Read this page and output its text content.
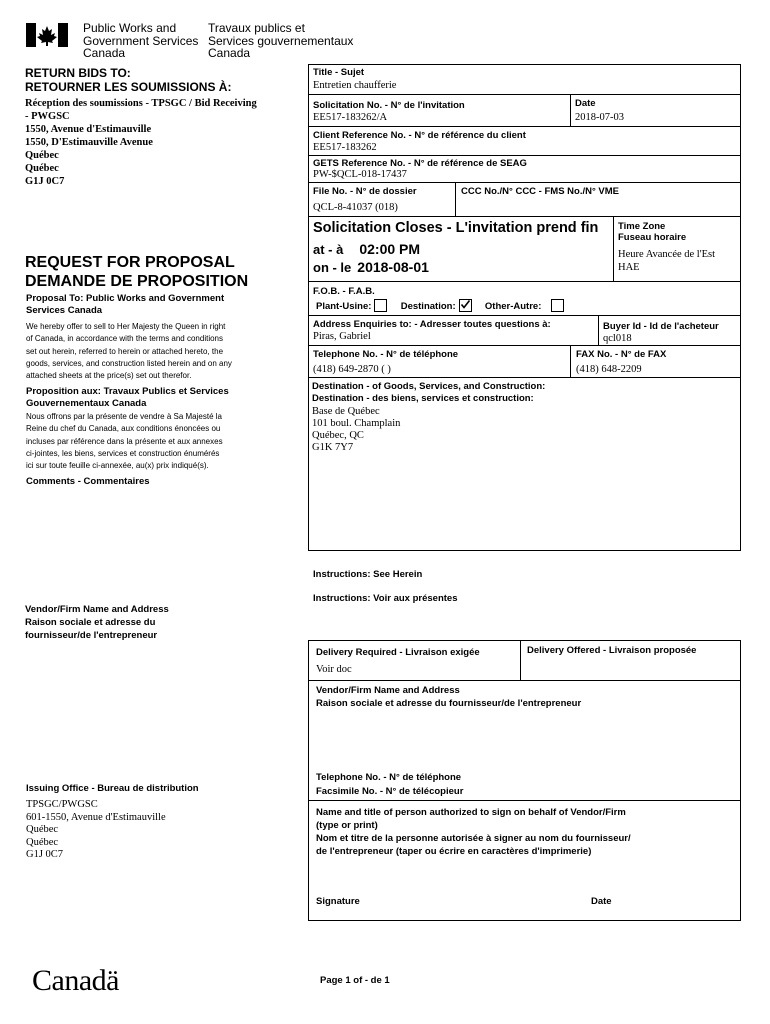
Public Works and
Government Services
Canada
Travaux publics et
Services gouvernementaux
Canada
RETURN BIDS TO:
RETOURNER LES SOUMISSIONS À:
Réception des soumissions - TPSGC / Bid Receiving
- PWGSC
1550, Avenue d'Estimauville
1550, D'Estimauville Avenue
Québec
Québec
G1J 0C7
REQUEST FOR PROPOSAL
DEMANDE DE PROPOSITION
Proposal To: Public Works and Government
Services Canada
We hereby offer to sell to Her Majesty the Queen in right
of Canada, in accordance with the terms and conditions
set out herein, referred to herein or attached hereto, the
goods, services, and construction listed herein and on any
attached sheets at the price(s) set out therefor.
Proposition aux: Travaux Publics et Services
Gouvernementaux Canada
Nous offrons par la présente de vendre à Sa Majesté la
Reine du chef du Canada, aux conditions énoncées ou
incluses par référence dans la présente et aux annexes
ci-jointes, les biens, services et construction énumérés
ici sur toute feuille ci-annexée, au(x) prix indiqué(s).
Comments - Commentaires
Vendor/Firm Name and Address
Raison sociale et adresse du
fournisseur/de l'entrepreneur
Issuing Office - Bureau de distribution
TPSGC/PWGSC
601-1550, Avenue d'Estimauville
Québec
Québec
G1J 0C7
Title - Sujet
Entretien chaufferie
Solicitation No. - N° de l'invitation
EE517-183262/A
Date
2018-07-03
Client Reference No. - N° de référence du client
EE517-183262
GETS Reference No. - N° de référence de SEAG
PW-$QCL-018-17437
File No. - N° de dossier
QCL-8-41037 (018)
CCC No./N° CCC - FMS No./N° VME
Solicitation Closes - L'invitation prend fin
at - à 02:00 PM
on - le 2018-08-01
Time Zone
Fuseau horaire
Heure Avancée de l'Est
HAE
F.O.B. - F.A.B.
Plant-Usine:	Destination:	Other-Autre:
Address Enquiries to: - Adresser toutes questions à:
Piras, Gabriel
Buyer Id - Id de l'acheteur
qcl018
Telephone No. - N° de téléphone
(418) 649-2870 ( )
FAX No. - N° de FAX
(418) 648-2209
Destination - of Goods, Services, and Construction:
Destination - des biens, services et construction:
Base de Québec
101 boul. Champlain
Québec, QC
G1K 7Y7
Instructions: See Herein
Instructions: Voir aux présentes
Delivery Required - Livraison exigée
Voir doc
Delivery Offered - Livraison proposée
Vendor/Firm Name and Address
Raison sociale et adresse du fournisseur/de l'entrepreneur
Telephone No. - N° de téléphone
Facsimile No. - N° de télécopieur
Name and title of person authorized to sign on behalf of Vendor/Firm
(type or print)
Nom et titre de la personne autorisée à signer au nom du fournisseur/
de l'entrepreneur (taper ou écrire en caractères d'imprimerie)
Signature	Date
Canadä	Page 1 of - de 1
